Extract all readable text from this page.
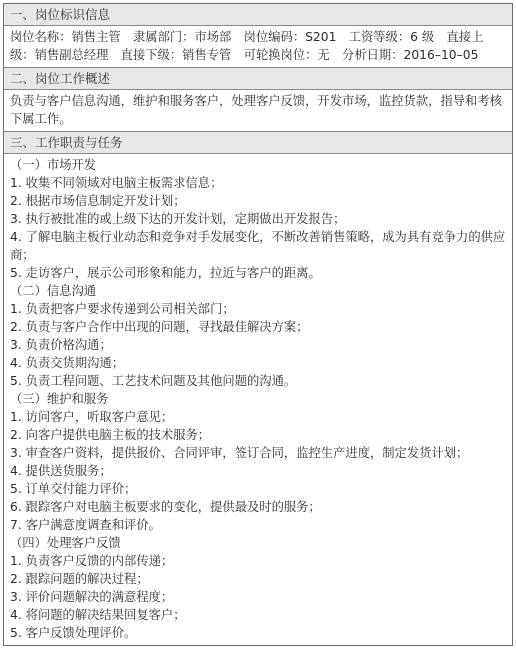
一、岗位标识信息
岗位名称：销售主管　隶属部门：市场部　岗位编码：S201　工资等级：6 级　直接上
级：销售副总经理　直接下级：销售专管　可轮换岗位：无　分析日期：2016–10–05
二、岗位工作概述
负责与客户信息沟通，维护和服务客户，处理客户反馈，开发市场，监控货款，指导和考核下属工作。
三、工作职责与任务
（一）市场开发
1. 收集不同领域对电脑主板需求信息；
2. 根据市场信息制定开发计划；
3. 执行被批准的或上级下达的开发计划，定期做出开发报告；
4. 了解电脑主板行业动态和竞争对手发展变化，不断改善销售策略，成为具有竞争力的供应商；
5. 走访客户，展示公司形象和能力，拉近与客户的距离。
（二）信息沟通
1. 负责把客户要求传递到公司相关部门；
2. 负责与客户合作中出现的问题，寻找最佳解决方案；
3. 负责价格沟通；
4. 负责交货期沟通；
5. 负责工程问题、工艺技术问题及其他问题的沟通。
（三）维护和服务
1. 访问客户，听取客户意见；
2. 向客户提供电脑主板的技术服务；
3. 审查客户资料，提供报价、合同评审，签订合同，监控生产进度，制定发货计划；
4. 提供送货服务；
5. 订单交付能力评价；
6. 跟踪客户对电脑主板要求的变化，提供最及时的服务；
7. 客户满意度调查和评价。
（四）处理客户反馈
1. 负责客户反馈的内部传递；
2. 跟踪问题的解决过程；
3. 评价问题解决的满意程度；
4. 将问题的解决结果回复客户；
5. 客户反馈处理评价。
